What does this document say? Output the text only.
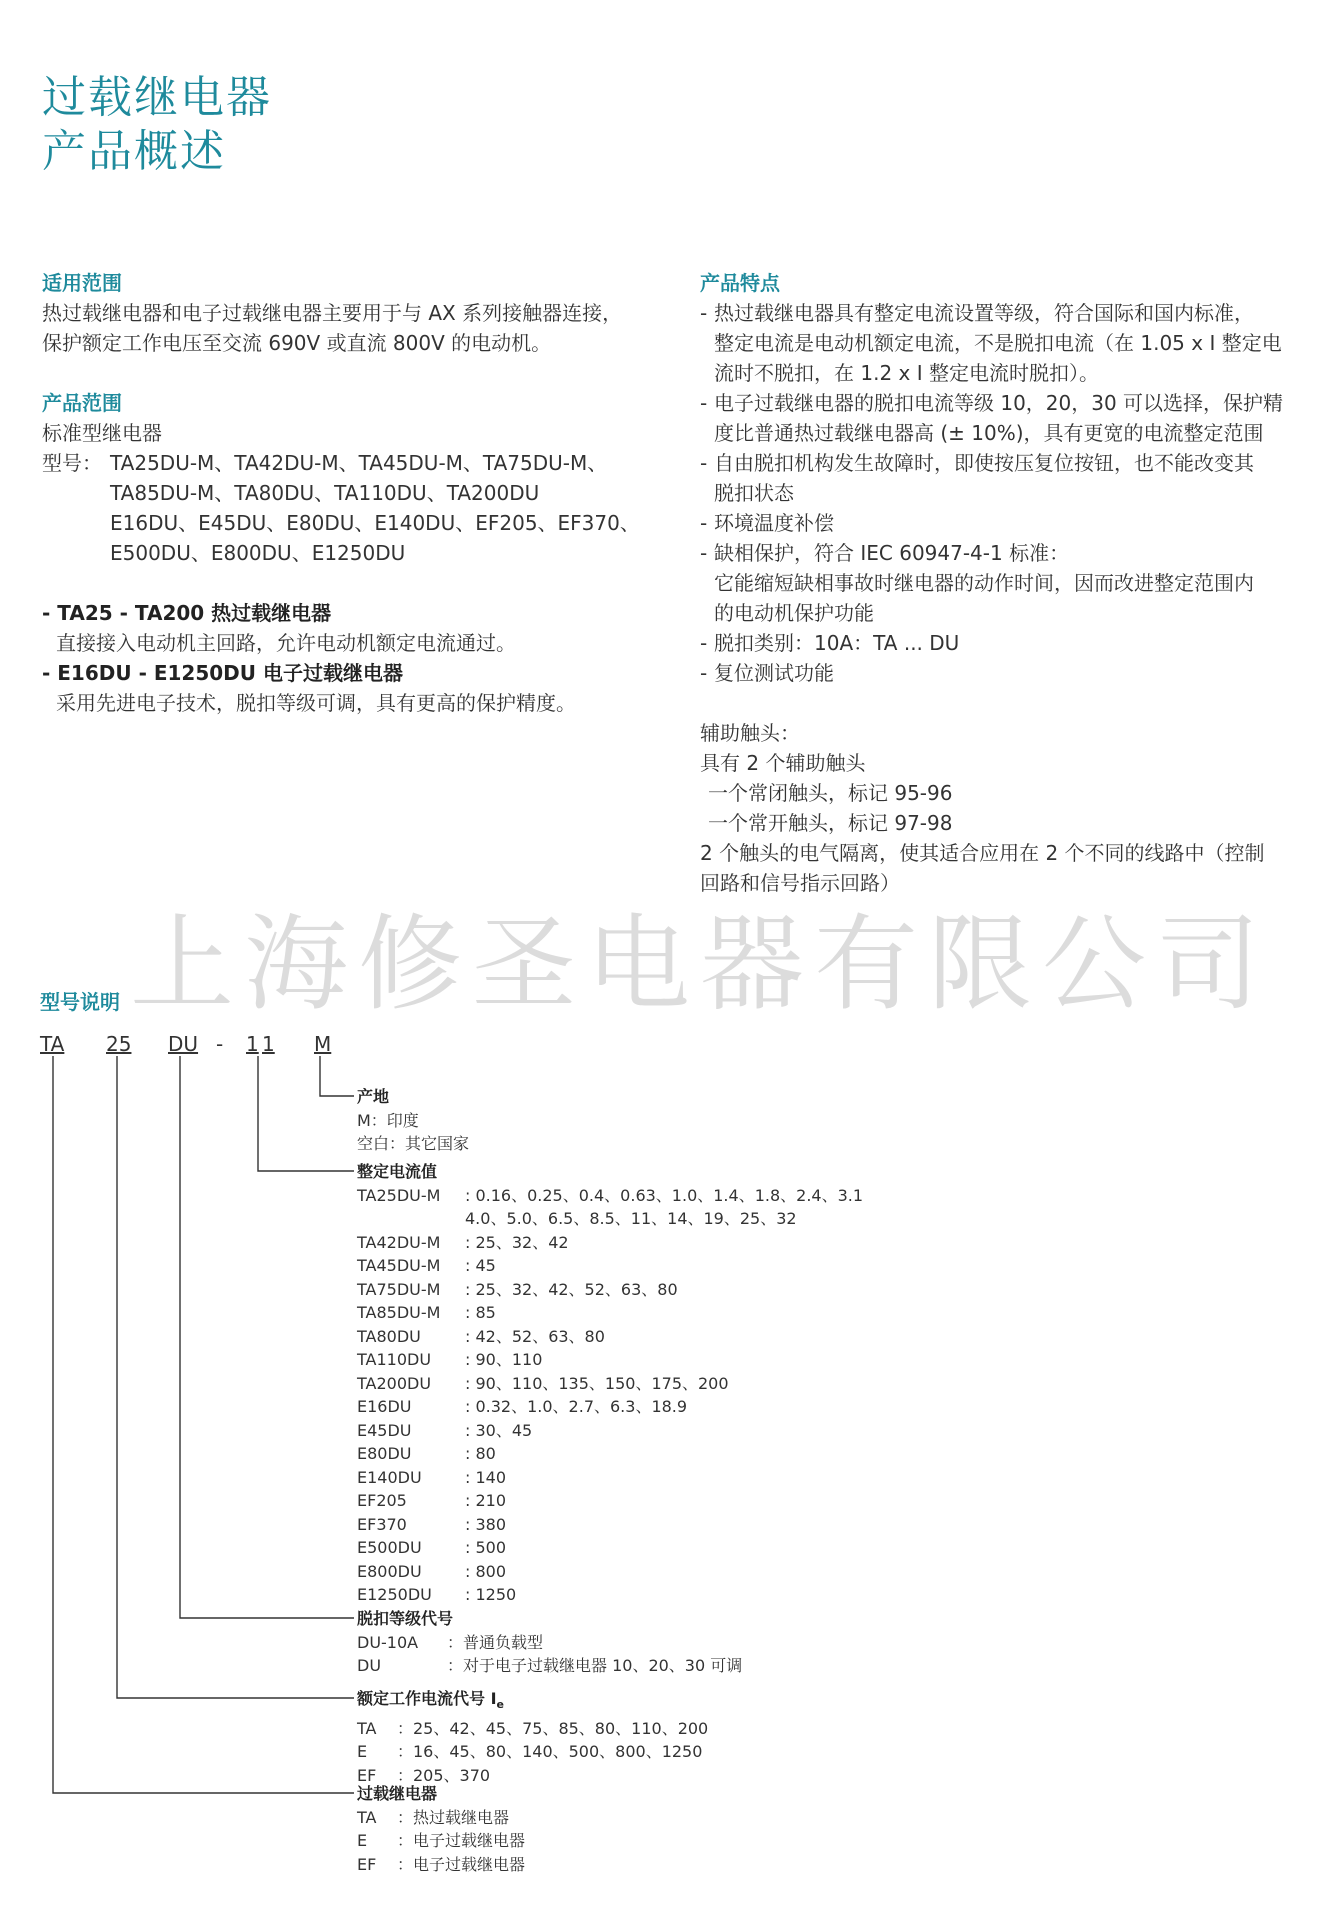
过载继电器
产品概述
上海修圣电器有限公司
适用范围
热过载继电器和电子过载继电器主要用于与 AX 系列接触器连接，
保护额定工作电压至交流 690V 或直流 800V 的电动机。
产品范围
标准型继电器
型号： TA25DU-M、TA42DU-M、TA45DU-M、TA75DU-M、
TA85DU-M、TA80DU、TA110DU、TA200DU
E16DU、E45DU、E80DU、E140DU、EF205、EF370、
E500DU、E800DU、E1250DU
- TA25 - TA200 热过载继电器
直接接入电动机主回路，允许电动机额定电流通过。
- E16DU - E1250DU 电子过载继电器
采用先进电子技术，脱扣等级可调，具有更高的保护精度。
产品特点
- 热过载继电器具有整定电流设置等级，符合国际和国内标准，
整定电流是电动机额定电流，不是脱扣电流（在 1.05 x I 整定电
流时不脱扣，在 1.2 x I 整定电流时脱扣）。
- 电子过载继电器的脱扣电流等级 10，20，30 可以选择，保护精
度比普通热过载继电器高 (± 10%)，具有更宽的电流整定范围
- 自由脱扣机构发生故障时，即使按压复位按钮，也不能改变其
脱扣状态
- 环境温度补偿
- 缺相保护，符合 IEC 60947-4-1 标准：
它能缩短缺相事故时继电器的动作时间，因而改进整定范围内
的电动机保护功能
- 脱扣类别：10A：TA ... DU
- 复位测试功能
辅助触头：
具有 2 个辅助触头
一个常闭触头，标记 95-96
一个常开触头，标记 97-98
2 个触头的电气隔离，使其适合应用在 2 个不同的线路中（控制
回路和信号指示回路）
型号说明
TA 25 DU - 1 1 M
产地
M：印度
空白：其它国家
整定电流值
TA25DU-M	: 0.16、0.25、0.4、0.63、1.0、1.4、1.8、2.4、3.1
4.0、5.0、6.5、8.5、11、14、19、25、32
TA42DU-M	: 25、32、42
TA45DU-M	: 45
TA75DU-M	: 25、32、42、52、63、80
TA85DU-M	: 85
TA80DU	: 42、52、63、80
TA110DU	: 90、110
TA200DU	: 90、110、135、150、175、200
E16DU	: 0.32、1.0、2.7、6.3、18.9
E45DU	: 30、45
E80DU	: 80
E140DU	: 140
EF205	: 210
EF370	: 380
E500DU	: 500
E800DU	: 800
E1250DU	: 1250
脱扣等级代号
DU-10A	：普通负载型
DU	：对于电子过载继电器 10、20、30 可调
额定工作电流代号 $I_e$
TA	：25、42、45、75、85、80、110、200
E	：16、45、80、140、500、800、1250
EF	：205、370
过载继电器
TA	：热过载继电器
E	：电子过载继电器
EF	：电子过载继电器
